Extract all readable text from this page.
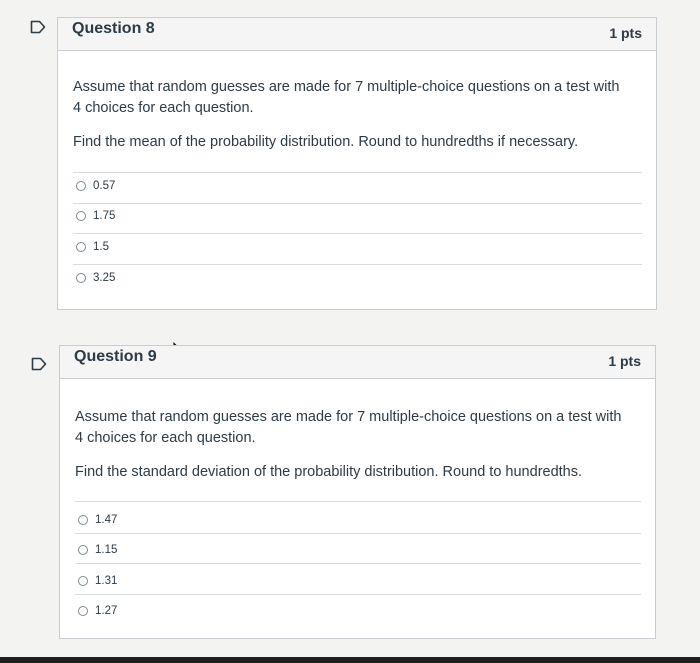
Question 8	1 pts
Assume that random guesses are made for 7 multiple-choice questions on a test with
4 choices for each question.
Find the mean of the probability distribution. Round to hundredths if necessary.
0.57
1.75
1.5
3.25
Question 9	1 pts
Assume that random guesses are made for 7 multiple-choice questions on a test with
4 choices for each question.
Find the standard deviation of the probability distribution. Round to hundredths.
1.47
1.15
1.31
1.27
